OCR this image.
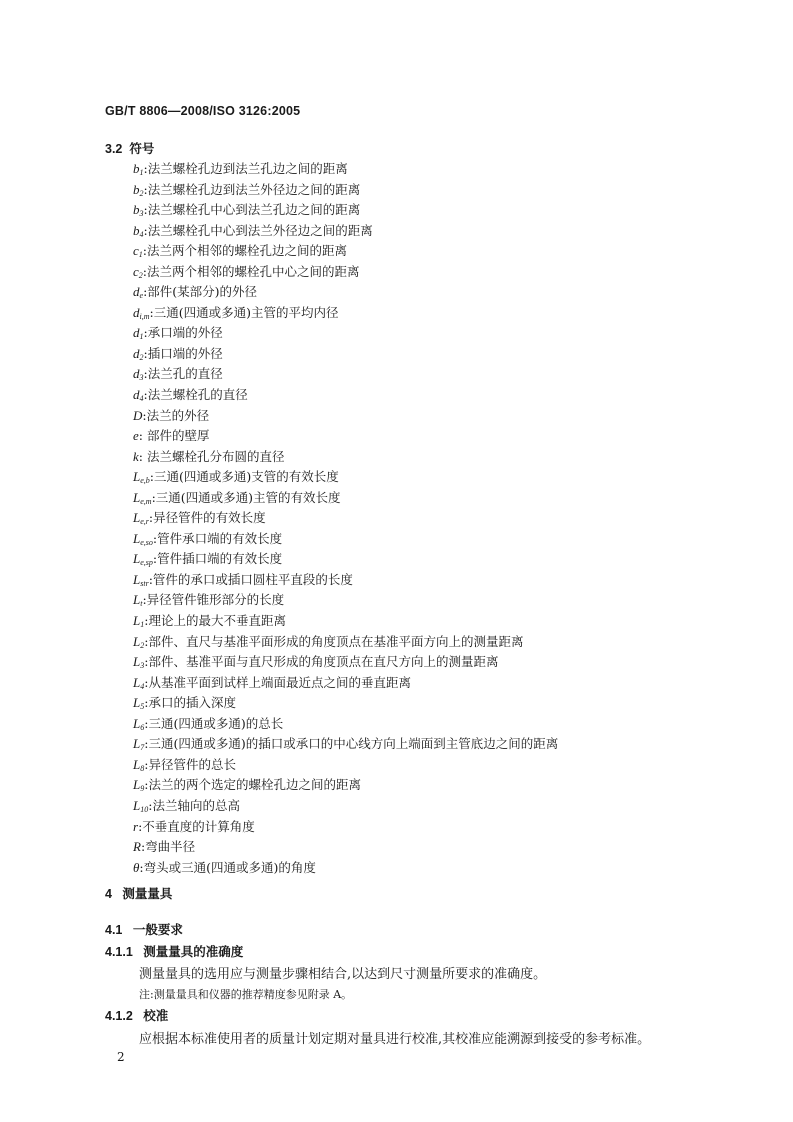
GB/T 8806—2008/ISO 3126:2005
3.2 符号
$b_1$:法兰螺栓孔边到法兰孔边之间的距离
$b_2$:法兰螺栓孔边到法兰外径边之间的距离
$b_3$:法兰螺栓孔中心到法兰孔边之间的距离
$b_4$:法兰螺栓孔中心到法兰外径边之间的距离
$c_1$:法兰两个相邻的螺栓孔边之间的距离
$c_2$:法兰两个相邻的螺栓孔中心之间的距离
$d_e$:部件(某部分)的外径
$d_{i,m}$:三通(四通或多通)主管的平均内径
$d_1$:承口端的外径
$d_2$:插口端的外径
$d_3$:法兰孔的直径
$d_4$:法兰螺栓孔的直径
D:法兰的外径
e: 部件的壁厚
k: 法兰螺栓孔分布圆的直径
$L_{e,b}$:三通(四通或多通)支管的有效长度
$L_{e,m}$:三通(四通或多通)主管的有效长度
$L_{e,r}$:异径管件的有效长度
$L_{e,so}$:管件承口端的有效长度
$L_{e,sp}$:管件插口端的有效长度
$L_{str}$:管件的承口或插口圆柱平直段的长度
$L_t$:异径管件锥形部分的长度
$L_1$:理论上的最大不垂直距离
$L_2$:部件、直尺与基准平面形成的角度顶点在基准平面方向上的测量距离
$L_3$:部件、基准平面与直尺形成的角度顶点在直尺方向上的测量距离
$L_4$:从基准平面到试样上端面最近点之间的垂直距离
$L_5$:承口的插入深度
$L_6$:三通(四通或多通)的总长
$L_7$:三通(四通或多通)的插口或承口的中心线方向上端面到主管底边之间的距离
$L_8$:异径管件的总长
$L_9$:法兰的两个选定的螺栓孔边之间的距离
$L_{10}$:法兰轴向的总高
r:不垂直度的计算角度
R:弯曲半径
θ:弯头或三通(四通或多通)的角度
4 测量量具
4.1 一般要求
4.1.1 测量量具的准确度
测量量具的选用应与测量步骤相结合,以达到尺寸测量所要求的准确度。
注:测量量具和仪器的推荐精度参见附录 A。
4.1.2 校准
应根据本标准使用者的质量计划定期对量具进行校准,其校准应能溯源到接受的参考标准。
2
